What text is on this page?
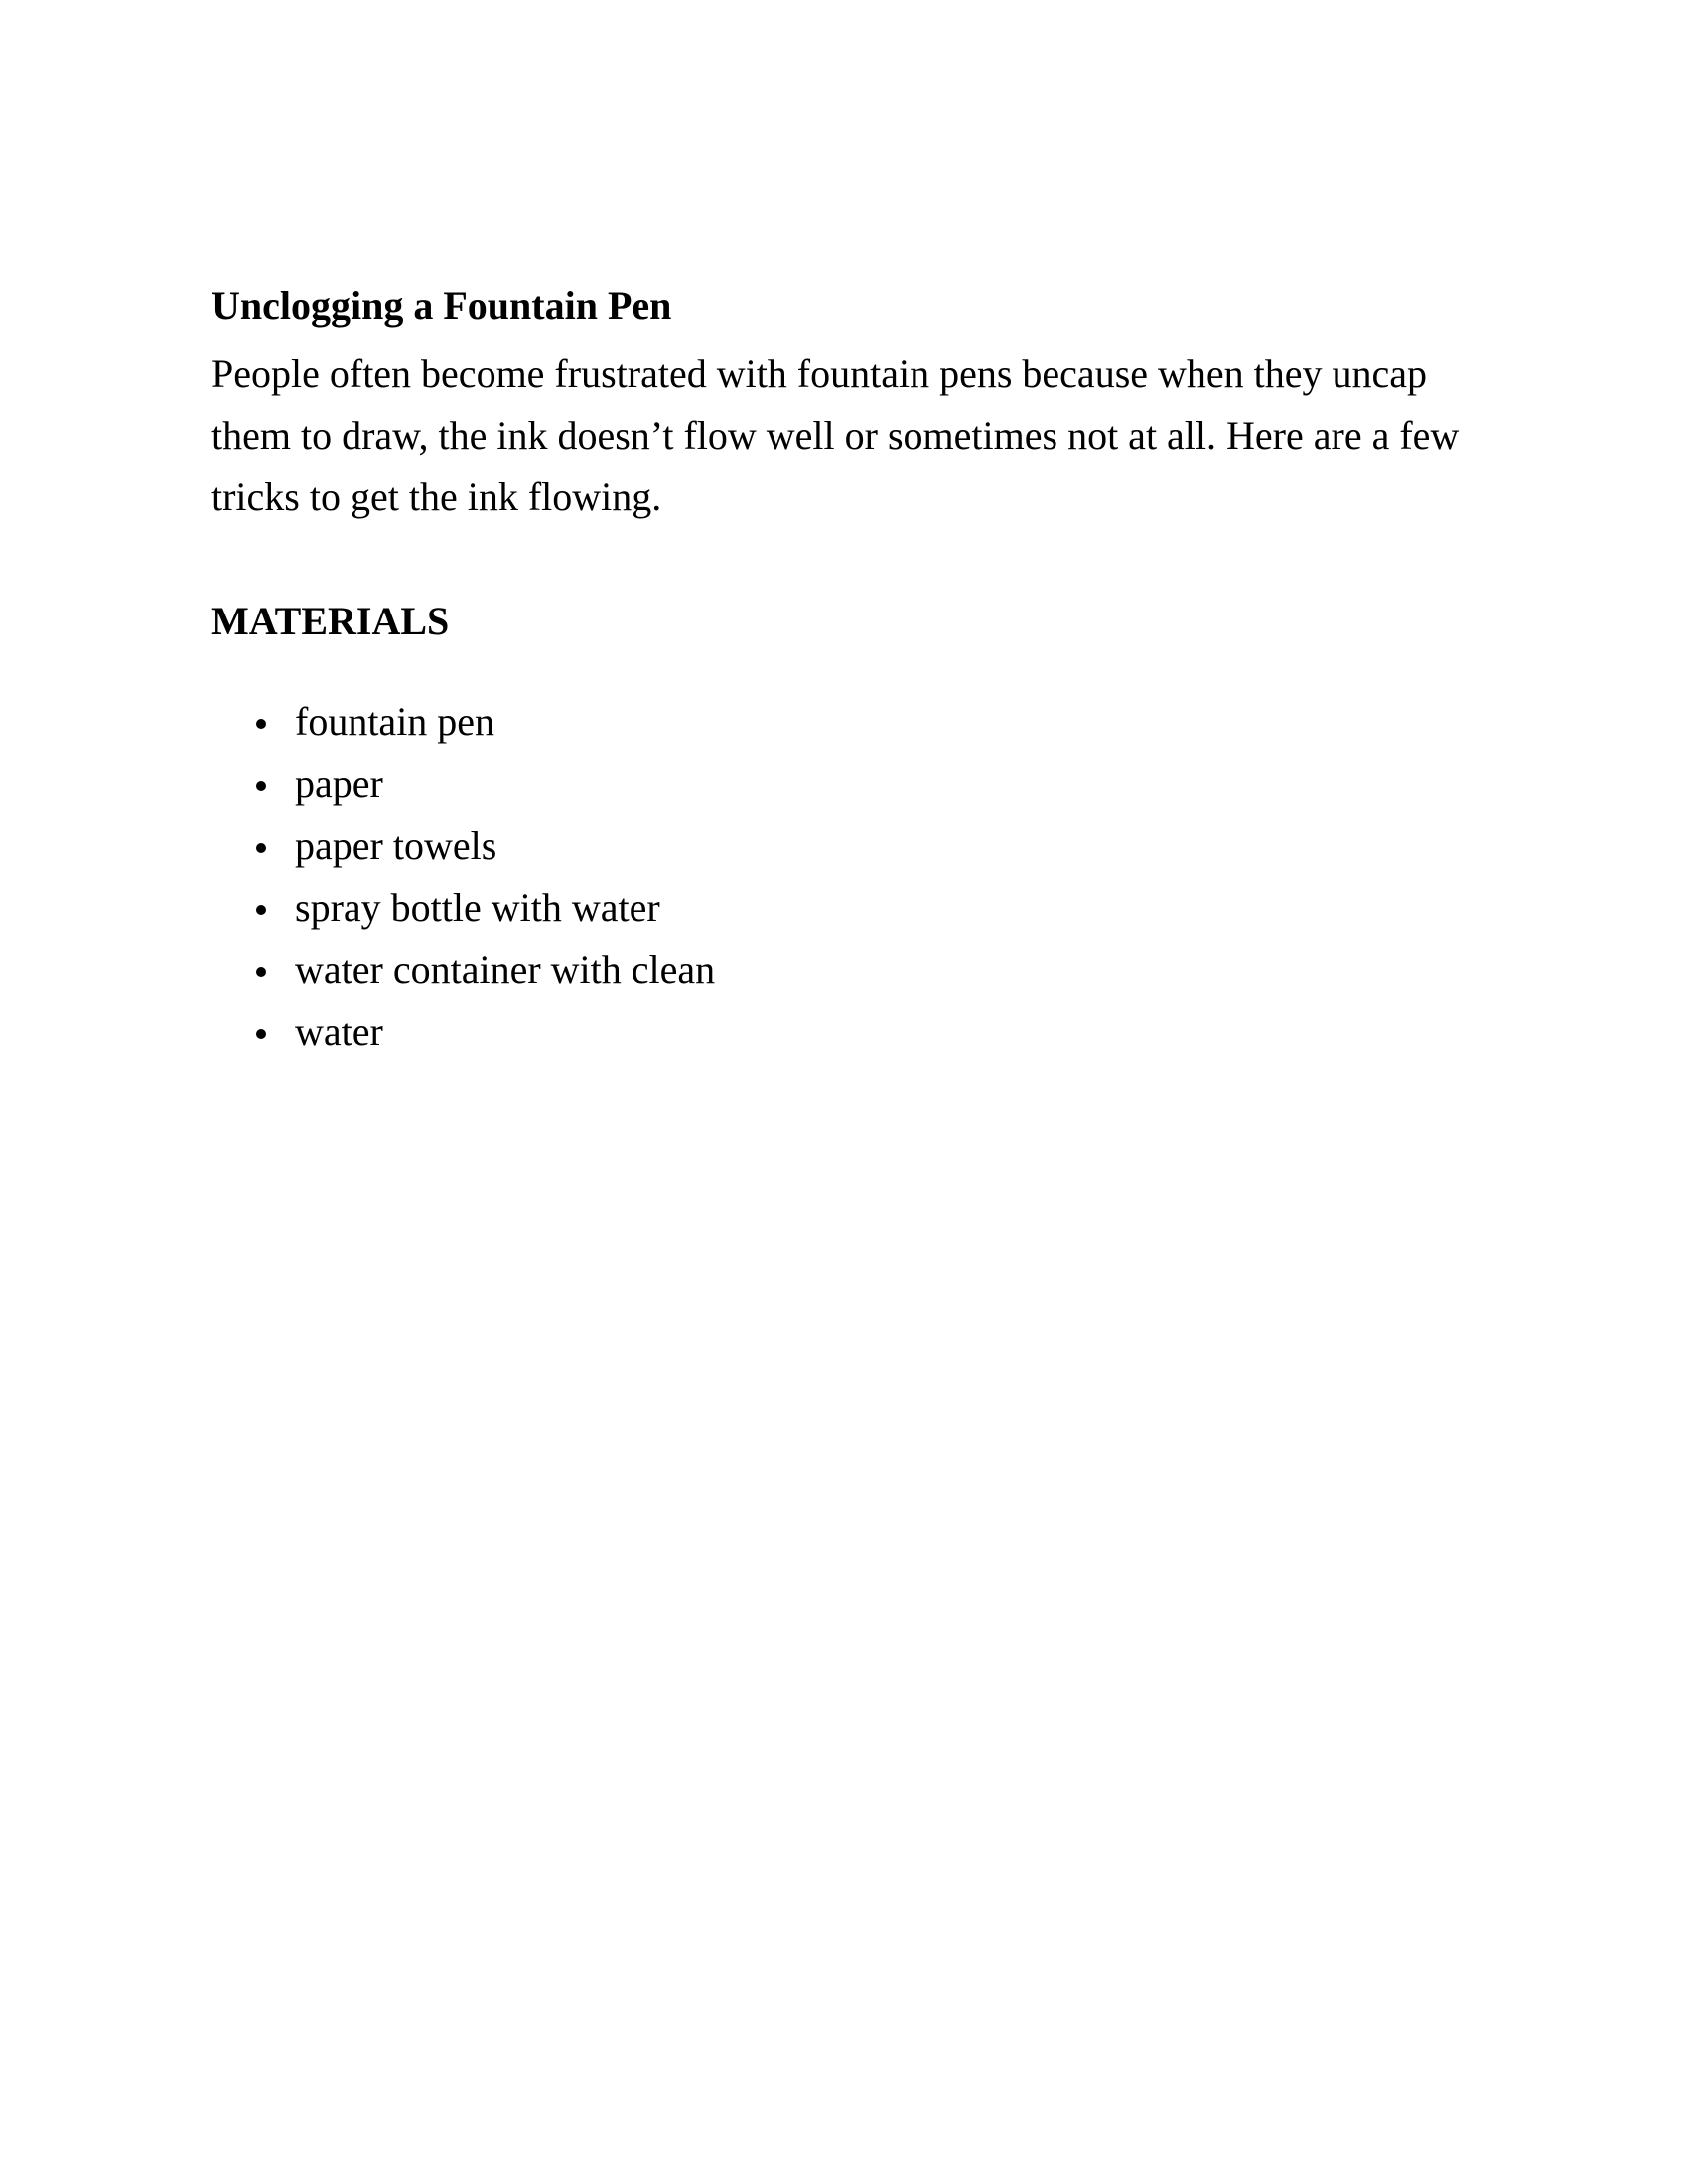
Unclogging a Fountain Pen

People often become frustrated with fountain pens because when they uncap them to draw, the ink doesn’t flow well or sometimes not at all. Here are a few tricks to get the ink flowing.

MATERIALS
fountain pen
paper
paper towels
spray bottle with water
water container with clean
water
